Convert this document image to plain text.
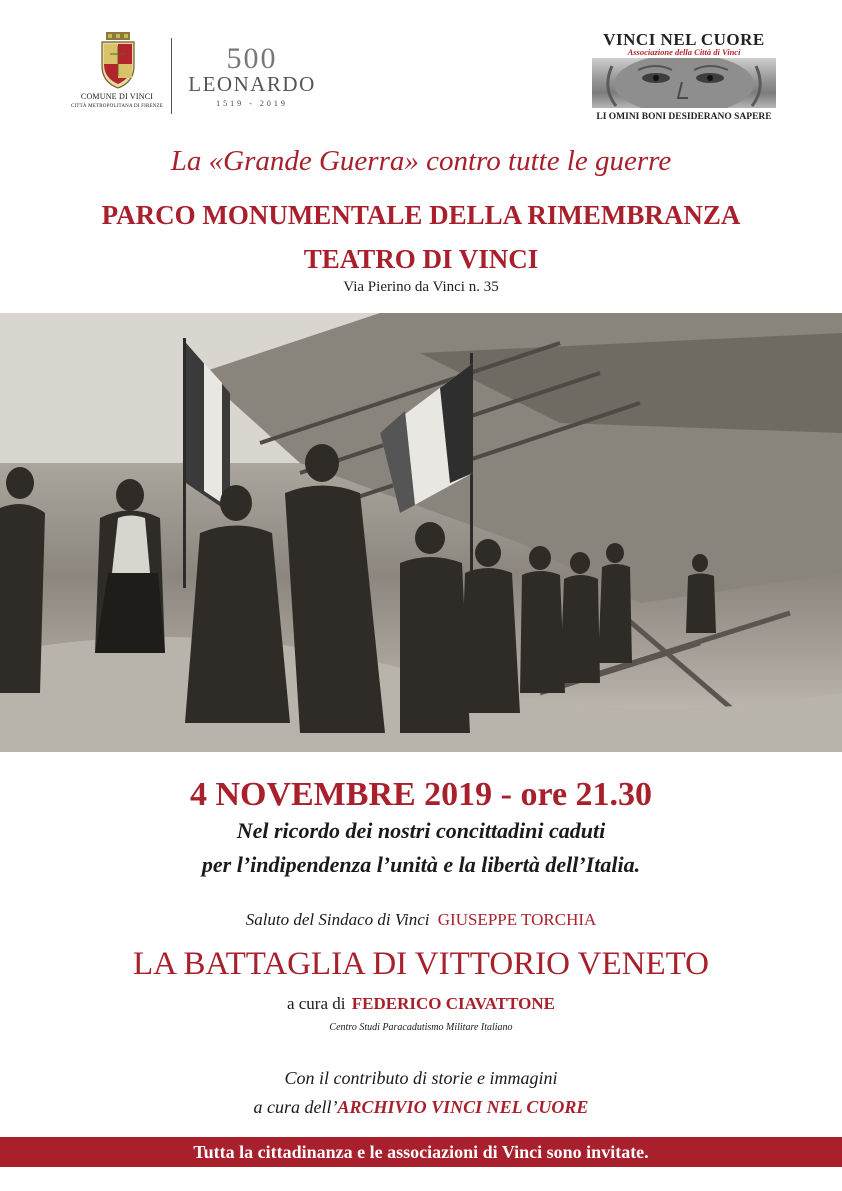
COMUNE DI VINCI
CITTÀ METROPOLITANA DI FIRENZE
500
LEONARDO
1519 - 2019
VINCI NEL CUORE
Associazione della Città di Vinci
LI OMINI BONI DESIDERANO SAPERE
La «Grande Guerra» contro tutte le guerre
PARCO MONUMENTALE DELLA RIMEMBRANZA
TEATRO DI VINCI
Via Pierino da Vinci n. 35
4 NOVEMBRE 2019 - ore 21.30
Nel ricordo dei nostri concittadini caduti
per l’indipendenza l’unità e la libertà dell’Italia.
Saluto del Sindaco di Vinci GIUSEPPE TORCHIA
LA BATTAGLIA DI VITTORIO VENETO
a cura di FEDERICO CIAVATTONE
Centro Studi Paracadutismo Militare Italiano
Con il contributo di storie e immagini
a cura dell’ARCHIVIO VINCI NEL CUORE
Tutta la cittadinanza e le associazioni di Vinci sono invitate.
